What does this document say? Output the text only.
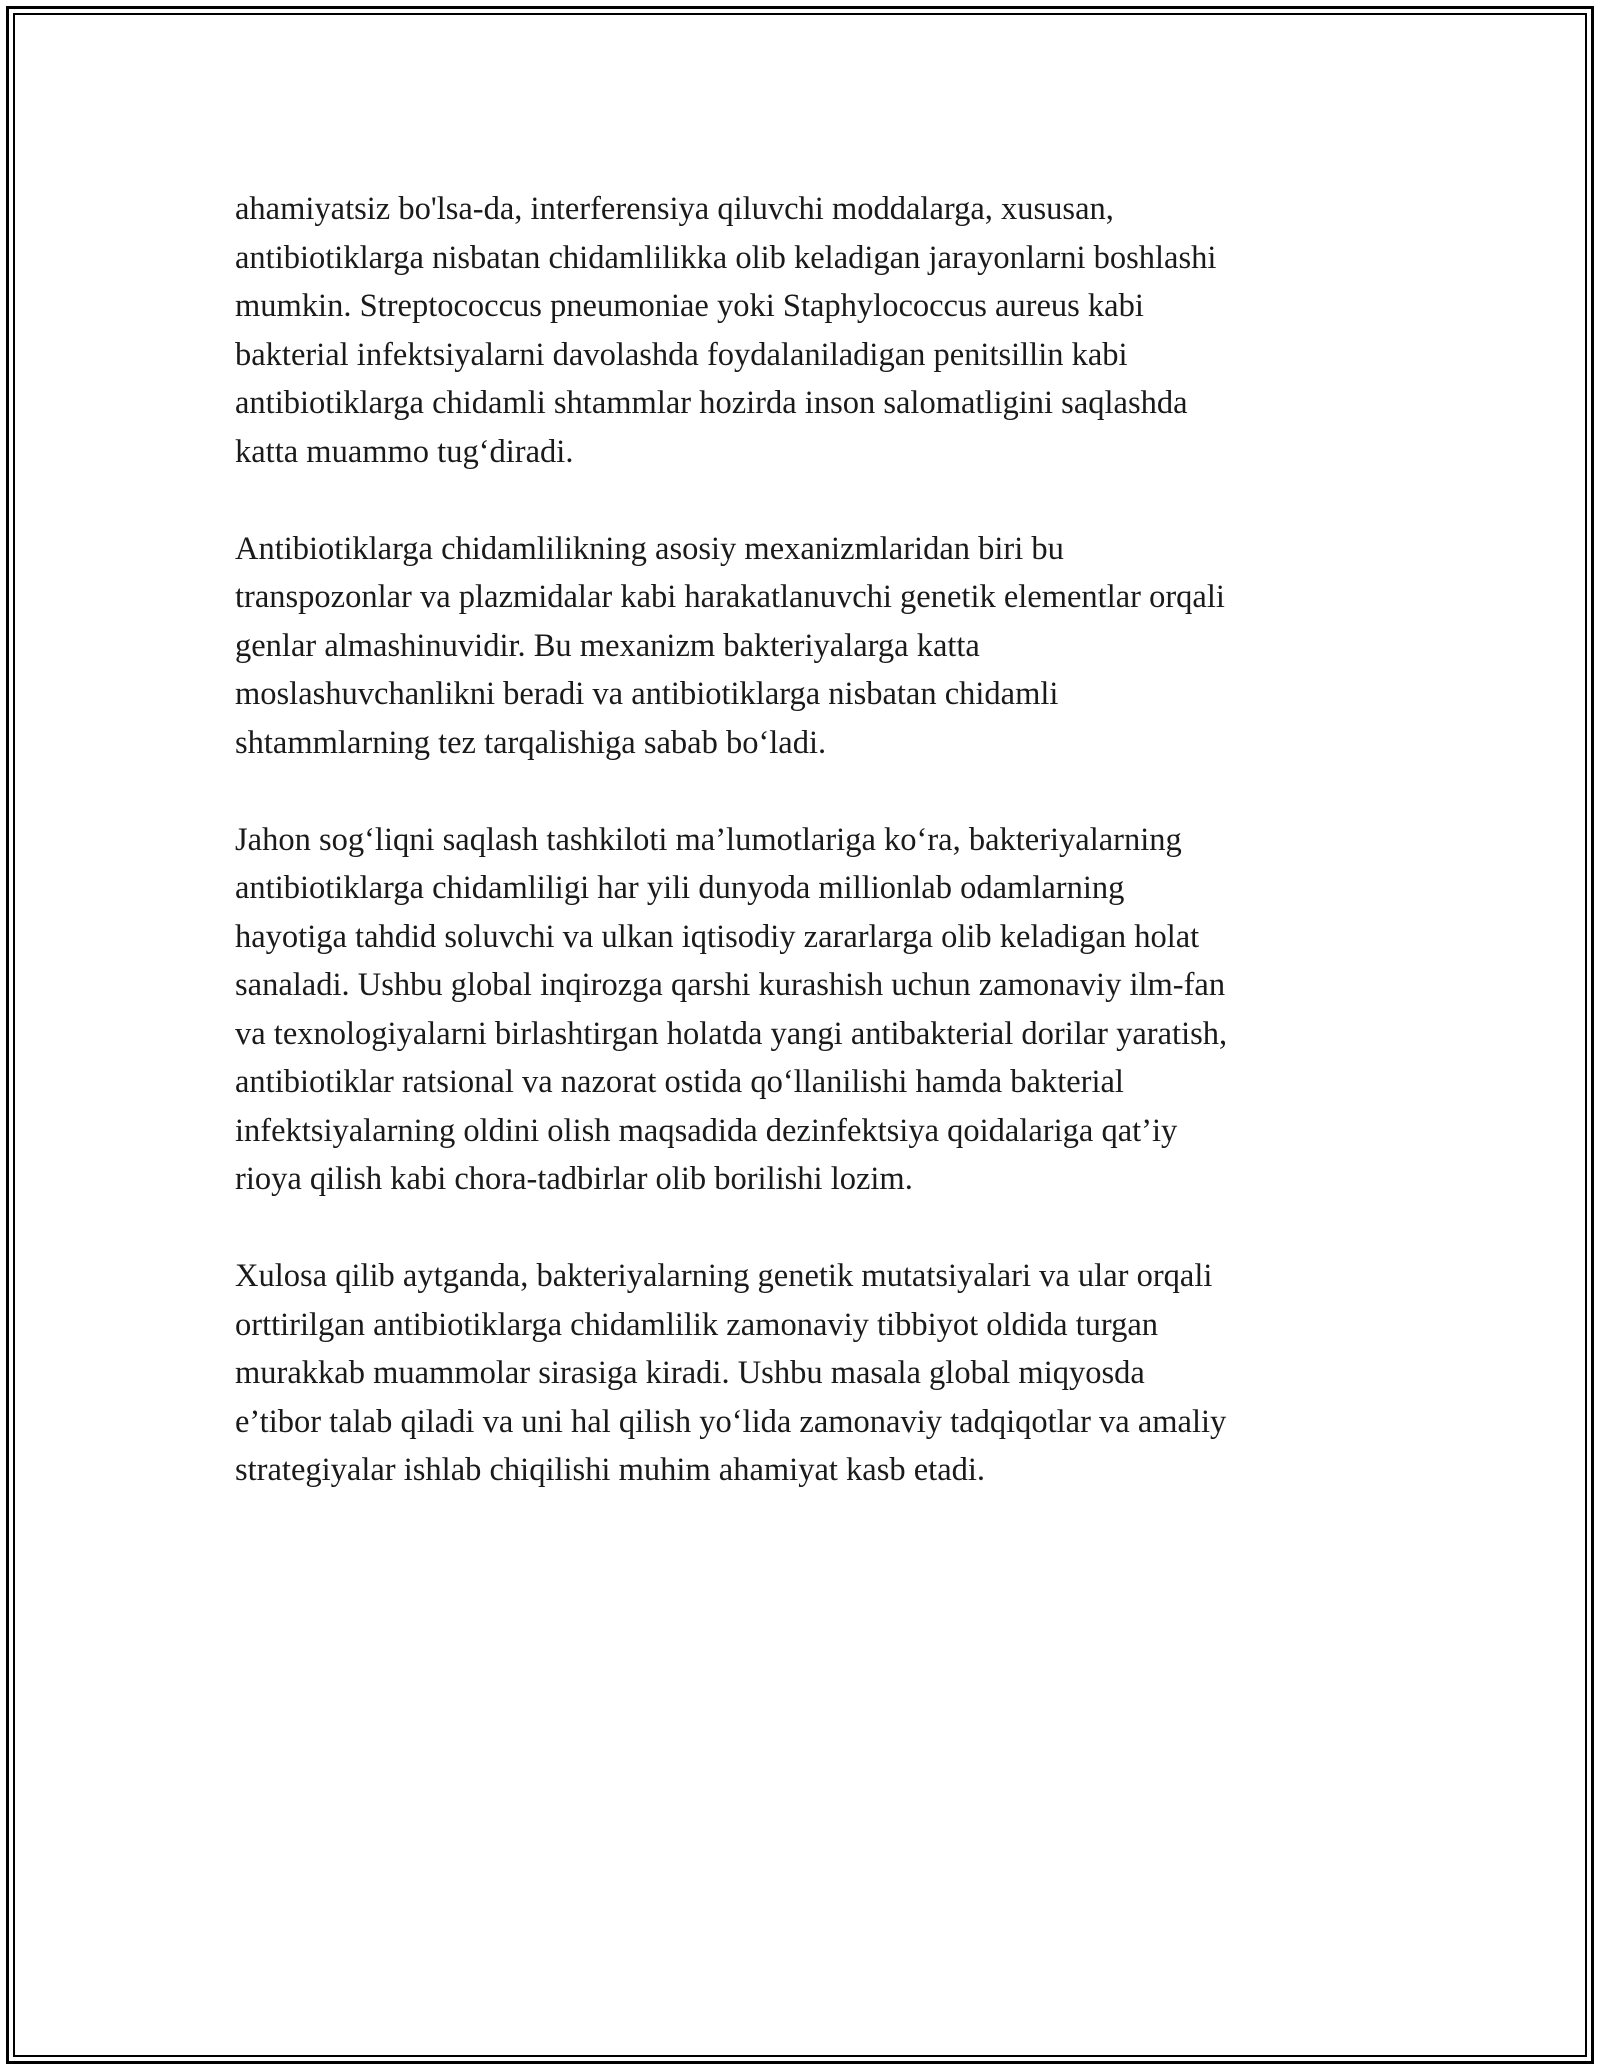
ahamiyatsiz bo'lsa-da, interferensiya qiluvchi moddalarga, xususan,
antibiotiklarga nisbatan chidamlilikka olib keladigan jarayonlarni boshlashi
mumkin. Streptococcus pneumoniae yoki Staphylococcus aureus kabi
bakterial infektsiyalarni davolashda foydalaniladigan penitsillin kabi
antibiotiklarga chidamli shtammlar hozirda inson salomatligini saqlashda
katta muammo tug‘diradi.

Antibiotiklarga chidamlilikning asosiy mexanizmlaridan biri bu
transpozonlar va plazmidalar kabi harakatlanuvchi genetik elementlar orqali
genlar almashinuvidir. Bu mexanizm bakteriyalarga katta
moslashuvchanlikni beradi va antibiotiklarga nisbatan chidamli
shtammlarning tez tarqalishiga sabab bo‘ladi.

Jahon sog‘liqni saqlash tashkiloti ma’lumotlariga ko‘ra, bakteriyalarning
antibiotiklarga chidamliligi har yili dunyoda millionlab odamlarning
hayotiga tahdid soluvchi va ulkan iqtisodiy zararlarga olib keladigan holat
sanaladi. Ushbu global inqirozga qarshi kurashish uchun zamonaviy ilm-fan
va texnologiyalarni birlashtirgan holatda yangi antibakterial dorilar yaratish,
antibiotiklar ratsional va nazorat ostida qo‘llanilishi hamda bakterial
infektsiyalarning oldini olish maqsadida dezinfektsiya qoidalariga qat’iy
rioya qilish kabi chora-tadbirlar olib borilishi lozim.

Xulosa qilib aytganda, bakteriyalarning genetik mutatsiyalari va ular orqali
orttirilgan antibiotiklarga chidamlilik zamonaviy tibbiyot oldida turgan
murakkab muammolar sirasiga kiradi. Ushbu masala global miqyosda
e’tibor talab qiladi va uni hal qilish yo‘lida zamonaviy tadqiqotlar va amaliy
strategiyalar ishlab chiqilishi muhim ahamiyat kasb etadi.
